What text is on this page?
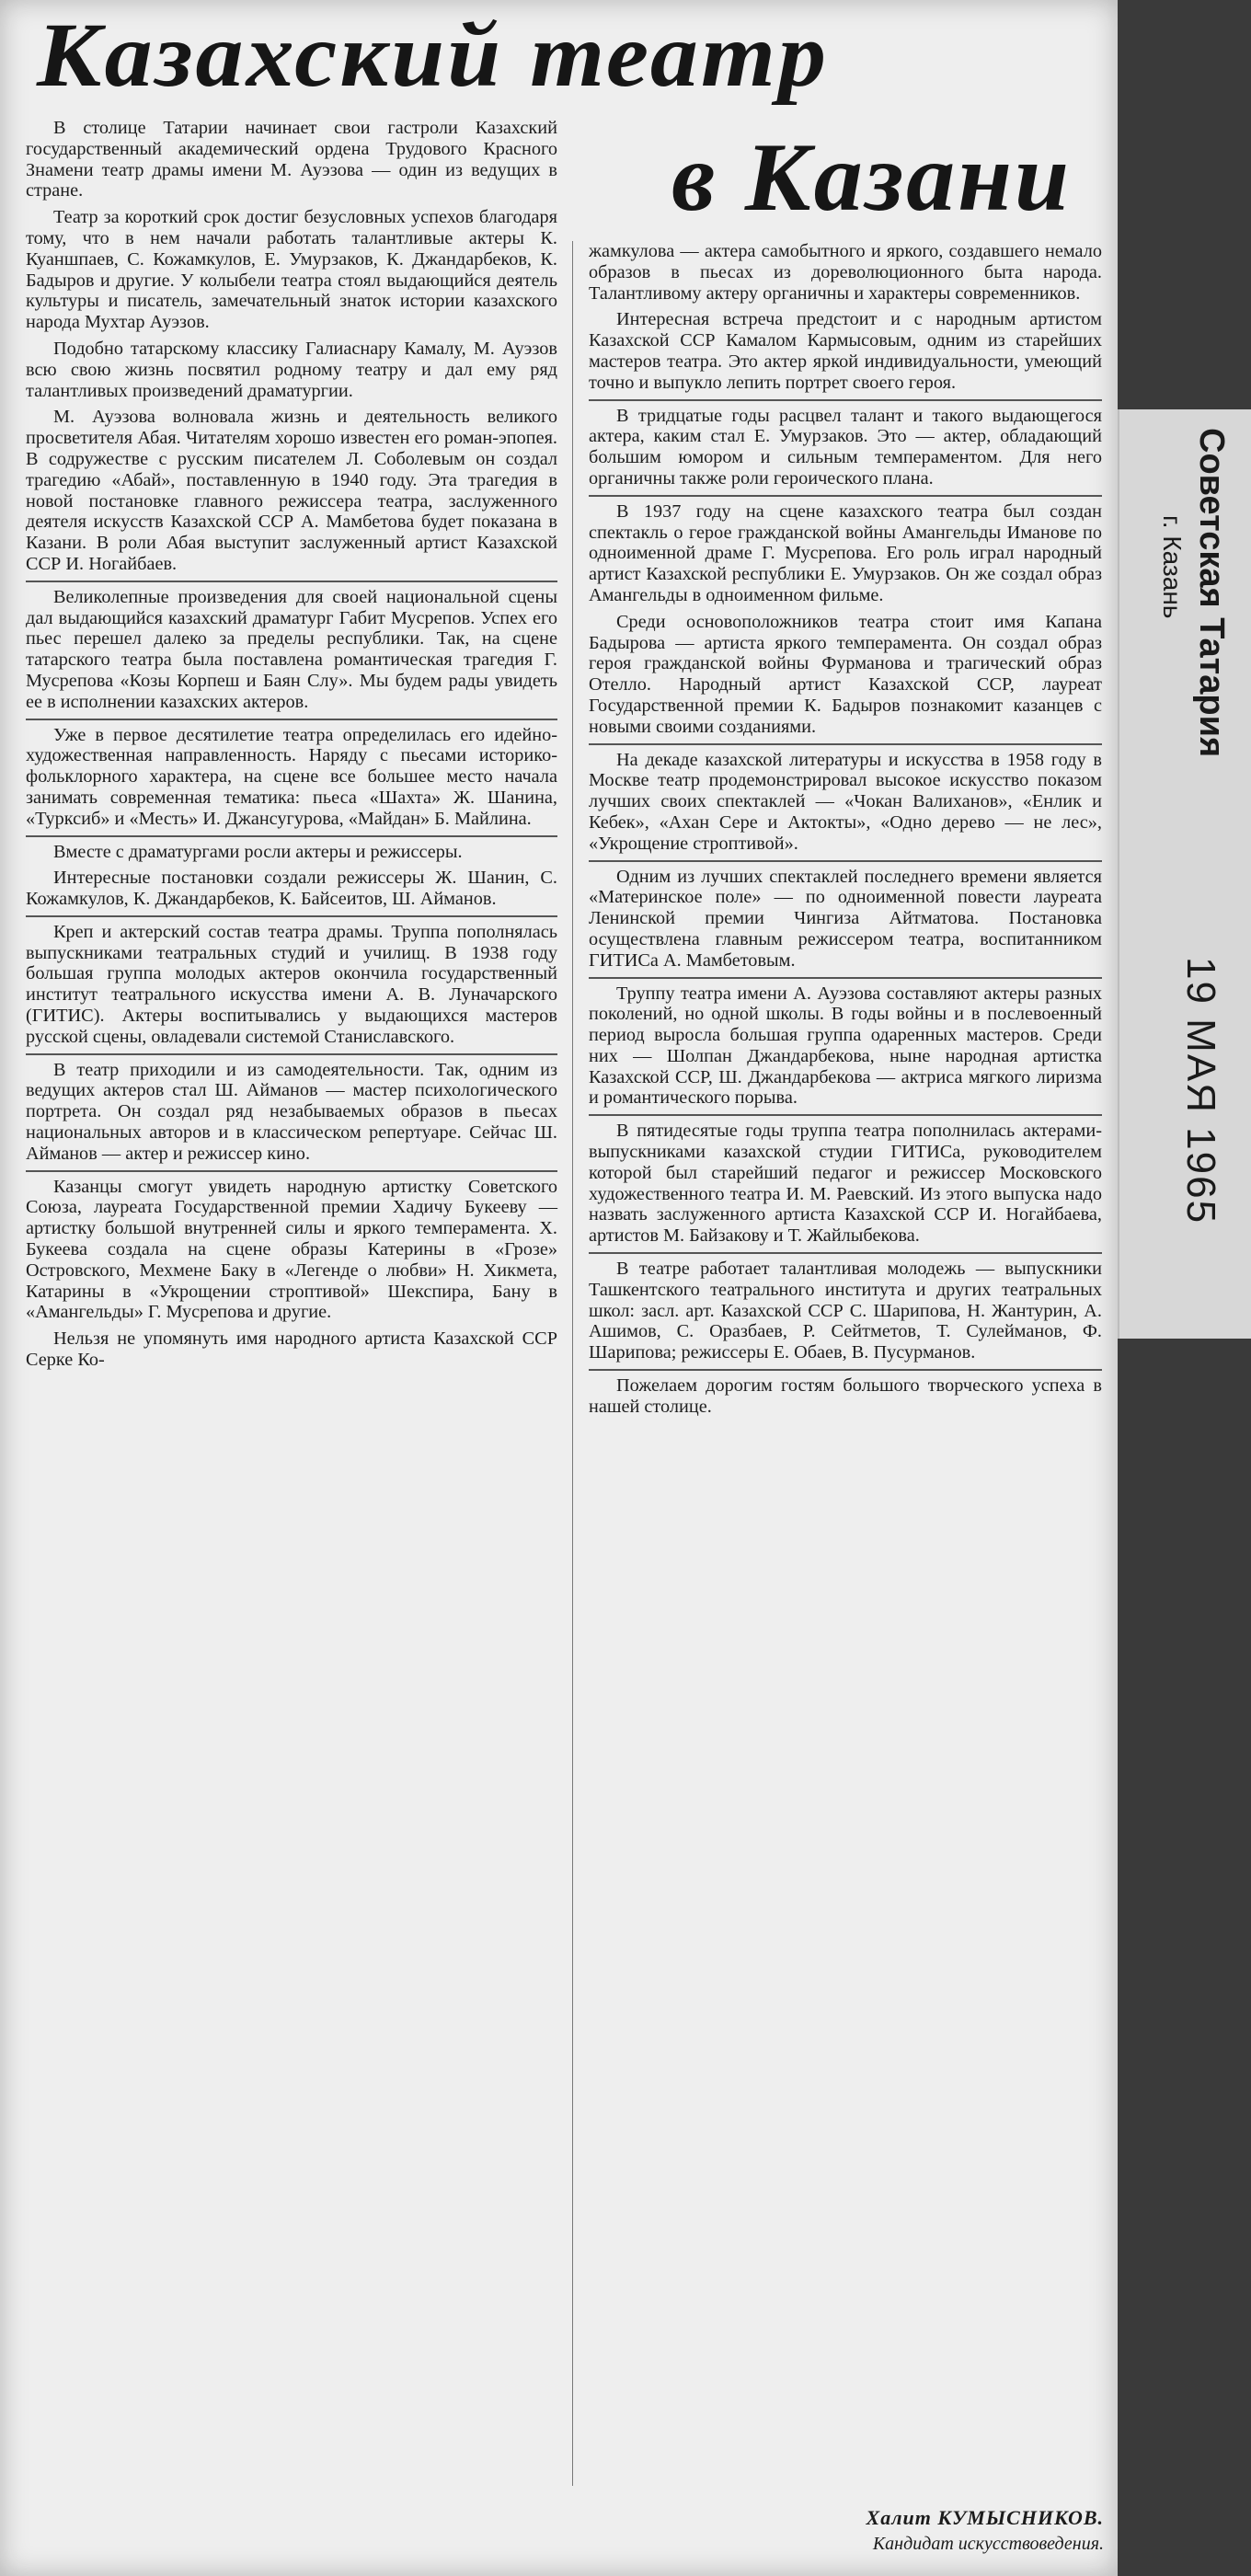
Казахский театр
в Казани

В столице Татарии начинает свои гастроли Казахский государственный академический ордена Трудового Красного Знамени театр драмы имени М. Ауэзова — один из ведущих в стране.

Театр за короткий срок достиг безусловных успехов благодаря тому, что в нем начали работать талантливые актеры К. Куаншпаев, С. Кожамкулов, Е. Умурзаков, К. Джандарбеков, К. Бадыров и другие. У колыбели театра стоял выдающийся деятель культуры и писатель, замечательный знаток истории казахского народа Мухтар Ауэзов.

Подобно татарскому классику Галиаснару Камалу, М. Ауэзов всю свою жизнь посвятил родному театру и дал ему ряд талантливых произведений драматургии.

М. Ауэзова волновала жизнь и деятельность великого просветителя Абая. Читателям хорошо известен его роман-эпопея. В содружестве с русским писателем Л. Соболевым он создал трагедию «Абай», поставленную в 1940 году. Эта трагедия в новой постановке главного режиссера театра, заслуженного деятеля искусств Казахской ССР А. Мамбетова будет показана в Казани. В роли Абая выступит заслуженный артист Казахской ССР И. Ногайбаев.

Великолепные произведения для своей национальной сцены дал выдающийся казахский драматург Габит Мусрепов. Успех его пьес перешел далеко за пределы республики. Так, на сцене татарского театра была поставлена романтическая трагедия Г. Мусрепова «Козы Корпеш и Баян Слу». Мы будем рады увидеть ее в исполнении казахских актеров.

Уже в первое десятилетие театра определилась его идейно-художественная направленность. Наряду с пьесами историко-фольклорного характера, на сцене все большее место начала занимать современная тематика: пьеса «Шахта» Ж. Шанина, «Турксиб» и «Месть» И. Джансугурова, «Майдан» Б. Майлина.

Вместе с драматургами росли актеры и режиссеры.

Интересные постановки создали режиссеры Ж. Шанин, С. Кожамкулов, К. Джандарбеков, К. Байсеитов, Ш. Айманов.

Креп и актерский состав театра драмы. Труппа пополнялась выпускниками театральных студий и училищ. В 1938 году большая группа молодых актеров окончила государственный институт театрального искусства имени А. В. Луначарского (ГИТИС). Актеры воспитывались у выдающихся мастеров русской сцены, овладевали системой Станиславского.

В театр приходили и из самодеятельности. Так, одним из ведущих актеров стал Ш. Айманов — мастер психологического портрета. Он создал ряд незабываемых образов в пьесах национальных авторов и в классическом репертуаре. Сейчас Ш. Айманов — актер и режиссер кино.

Казанцы смогут увидеть народную артистку Советского Союза, лауреата Государственной премии Хадичу Букееву — артистку большой внутренней силы и яркого темперамента. Х. Букеева создала на сцене образы Катерины в «Грозе» Островского, Мехмене Баку в «Легенде о любви» Н. Хикмета, Катарины в «Укрощении строптивой» Шекспира, Бану в «Амангельды» Г. Мусрепова и другие.

Нельзя не упомянуть имя народного артиста Казахской ССР Серке Ко-

жамкулова — актера самобытного и яркого, создавшего немало образов в пьесах из дореволюционного быта народа. Талантливому актеру органичны и характеры современников.

Интересная встреча предстоит и с народным артистом Казахской ССР Камалом Кармысовым, одним из старейших мастеров театра. Это актер яркой индивидуальности, умеющий точно и выпукло лепить портрет своего героя.

В тридцатые годы расцвел талант и такого выдающегося актера, каким стал Е. Умурзаков. Это — актер, обладающий большим юмором и сильным темпераментом. Для него органичны также роли героического плана.

В 1937 году на сцене казахского театра был создан спектакль о герое гражданской войны Амангельды Иманове по одноименной драме Г. Мусрепова. Его роль играл народный артист Казахской республики Е. Умурзаков. Он же создал образ Амангельды в одноименном фильме.

Среди основоположников театра стоит имя Капана Бадырова — артиста яркого темперамента. Он создал образ героя гражданской войны Фурманова и трагический образ Отелло. Народный артист Казахской ССР, лауреат Государственной премии К. Бадыров познакомит казанцев с новыми своими созданиями.

На декаде казахской литературы и искусства в 1958 году в Москве театр продемонстрировал высокое искусство показом лучших своих спектаклей — «Чокан Валиханов», «Енлик и Кебек», «Ахан Сере и Актокты», «Одно дерево — не лес», «Укрощение строптивой».

Одним из лучших спектаклей последнего времени является «Материнское поле» — по одноименной повести лауреата Ленинской премии Чингиза Айтматова. Постановка осуществлена главным режиссером театра, воспитанником ГИТИСа А. Мамбетовым.

Труппу театра имени А. Ауэзова составляют актеры разных поколений, но одной школы. В годы войны и в послевоенный период выросла большая группа одаренных мастеров. Среди них — Шолпан Джандарбекова, ныне народная артистка Казахской ССР, Ш. Джандарбекова — актриса мягкого лиризма и романтического порыва.

В пятидесятые годы труппа театра пополнилась актерами-выпускниками казахской студии ГИТИСа, руководителем которой был старейший педагог и режиссер Московского художественного театра И. М. Раевский. Из этого выпуска надо назвать заслуженного артиста Казахской ССР И. Ногайбаева, артистов М. Байзакову и Т. Жайлыбекова.

В театре работает талантливая молодежь — выпускники Ташкентского театрального института и других театральных школ: засл. арт. Казахской ССР С. Шарипова, Н. Жантурин, А. Ашимов, С. Оразбаев, Р. Сейтметов, Т. Сулейманов, Ф. Шарипова; режиссеры Е. Обаев, В. Пусурманов.

Пожелаем дорогим гостям большого творческого успеха в нашей столице.

Халит КУМЫСНИКОВ.
Кандидат искусствоведения.
Советская Татария
г. Казань
19 МАЯ 1965
